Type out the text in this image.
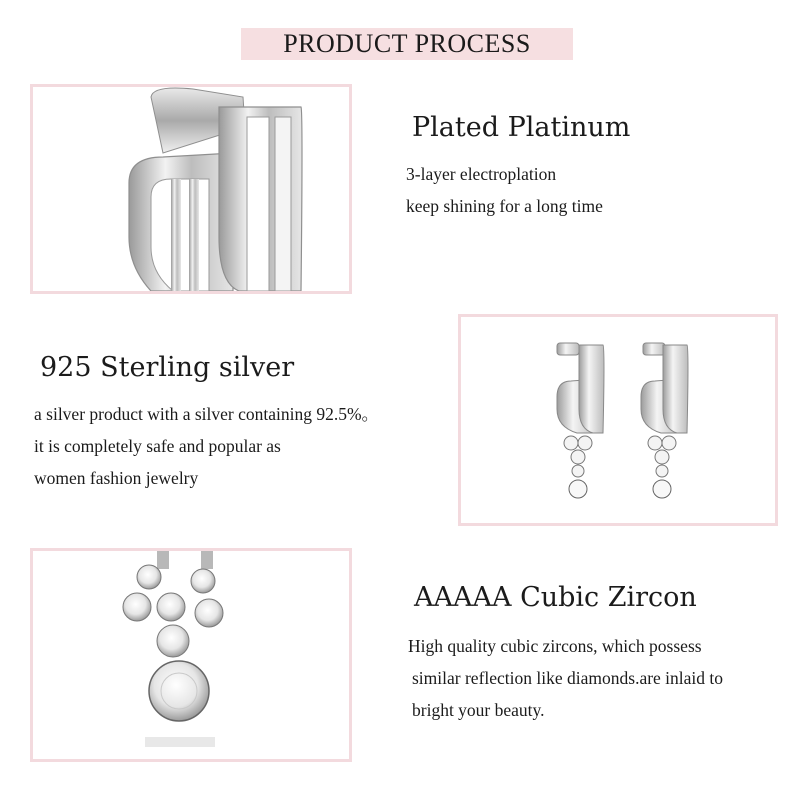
PRODUCT PROCESS
Plated Platinum
3-layer electroplation
keep shining for a long time
925 Sterling silver
a silver product with a silver containing 92.5%。
it is completely safe and popular as
women fashion jewelry
AAAAA Cubic Zircon
High quality cubic zircons, which possess
similar reflection like diamonds.are inlaid to
bright your beauty.
